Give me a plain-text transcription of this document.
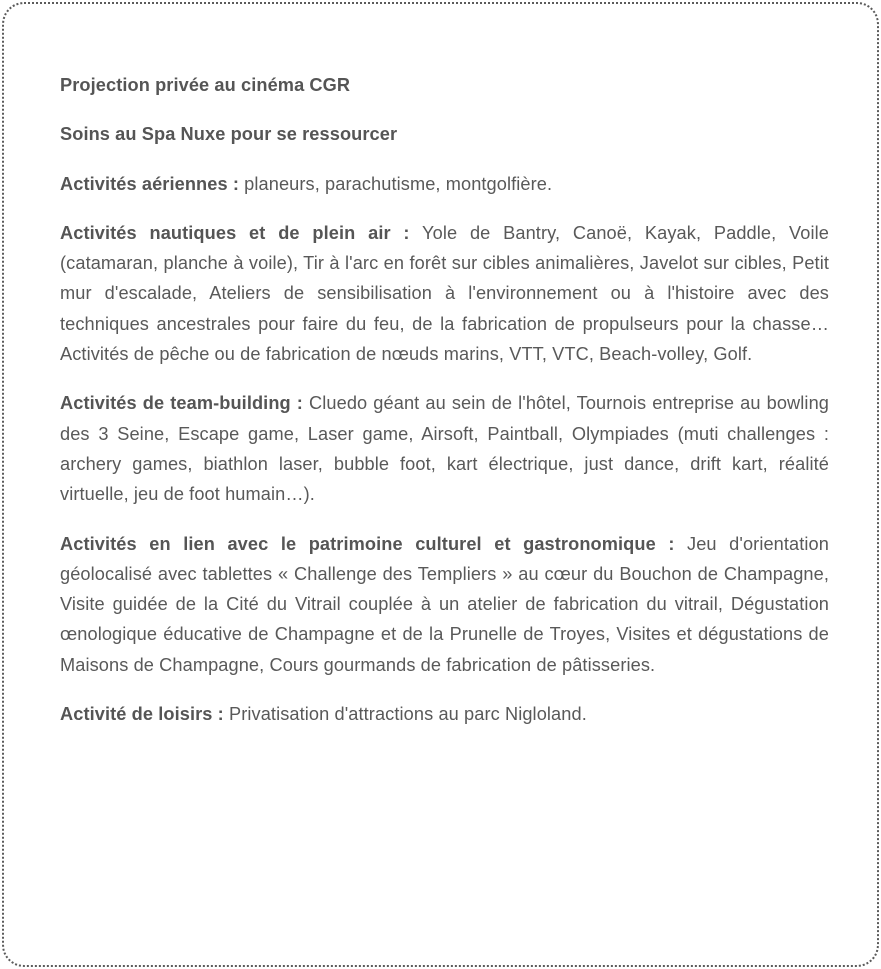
Projection privée au cinéma CGR

Soins au Spa Nuxe pour se ressourcer

Activités aériennes : planeurs, parachutisme, montgolfière.

Activités nautiques et de plein air : Yole de Bantry, Canoë, Kayak, Paddle, Voile (catamaran, planche à voile), Tir à l'arc en forêt sur cibles animalières, Javelot sur cibles, Petit mur d'escalade, Ateliers de sensibilisation à l'environnement ou à l'histoire avec des techniques ancestrales pour faire du feu, de la fabrication de propulseurs pour la chasse… Activités de pêche ou de fabrication de nœuds marins, VTT, VTC, Beach-volley, Golf.

Activités de team-building : Cluedo géant au sein de l'hôtel, Tournois entreprise au bowling des 3 Seine, Escape game, Laser game, Airsoft, Paintball, Olympiades (muti challenges : archery games, biathlon laser, bubble foot, kart électrique, just dance, drift kart, réalité virtuelle, jeu de foot humain…).

Activités en lien avec le patrimoine culturel et gastronomique : Jeu d'orientation géolocalisé avec tablettes « Challenge des Templiers » au cœur du Bouchon de Champagne, Visite guidée de la Cité du Vitrail couplée à un atelier de fabrication du vitrail, Dégustation œnologique éducative de Champagne et de la Prunelle de Troyes, Visites et dégustations de Maisons de Champagne, Cours gourmands de fabrication de pâtisseries.

Activité de loisirs : Privatisation d'attractions au parc Nigloland.
